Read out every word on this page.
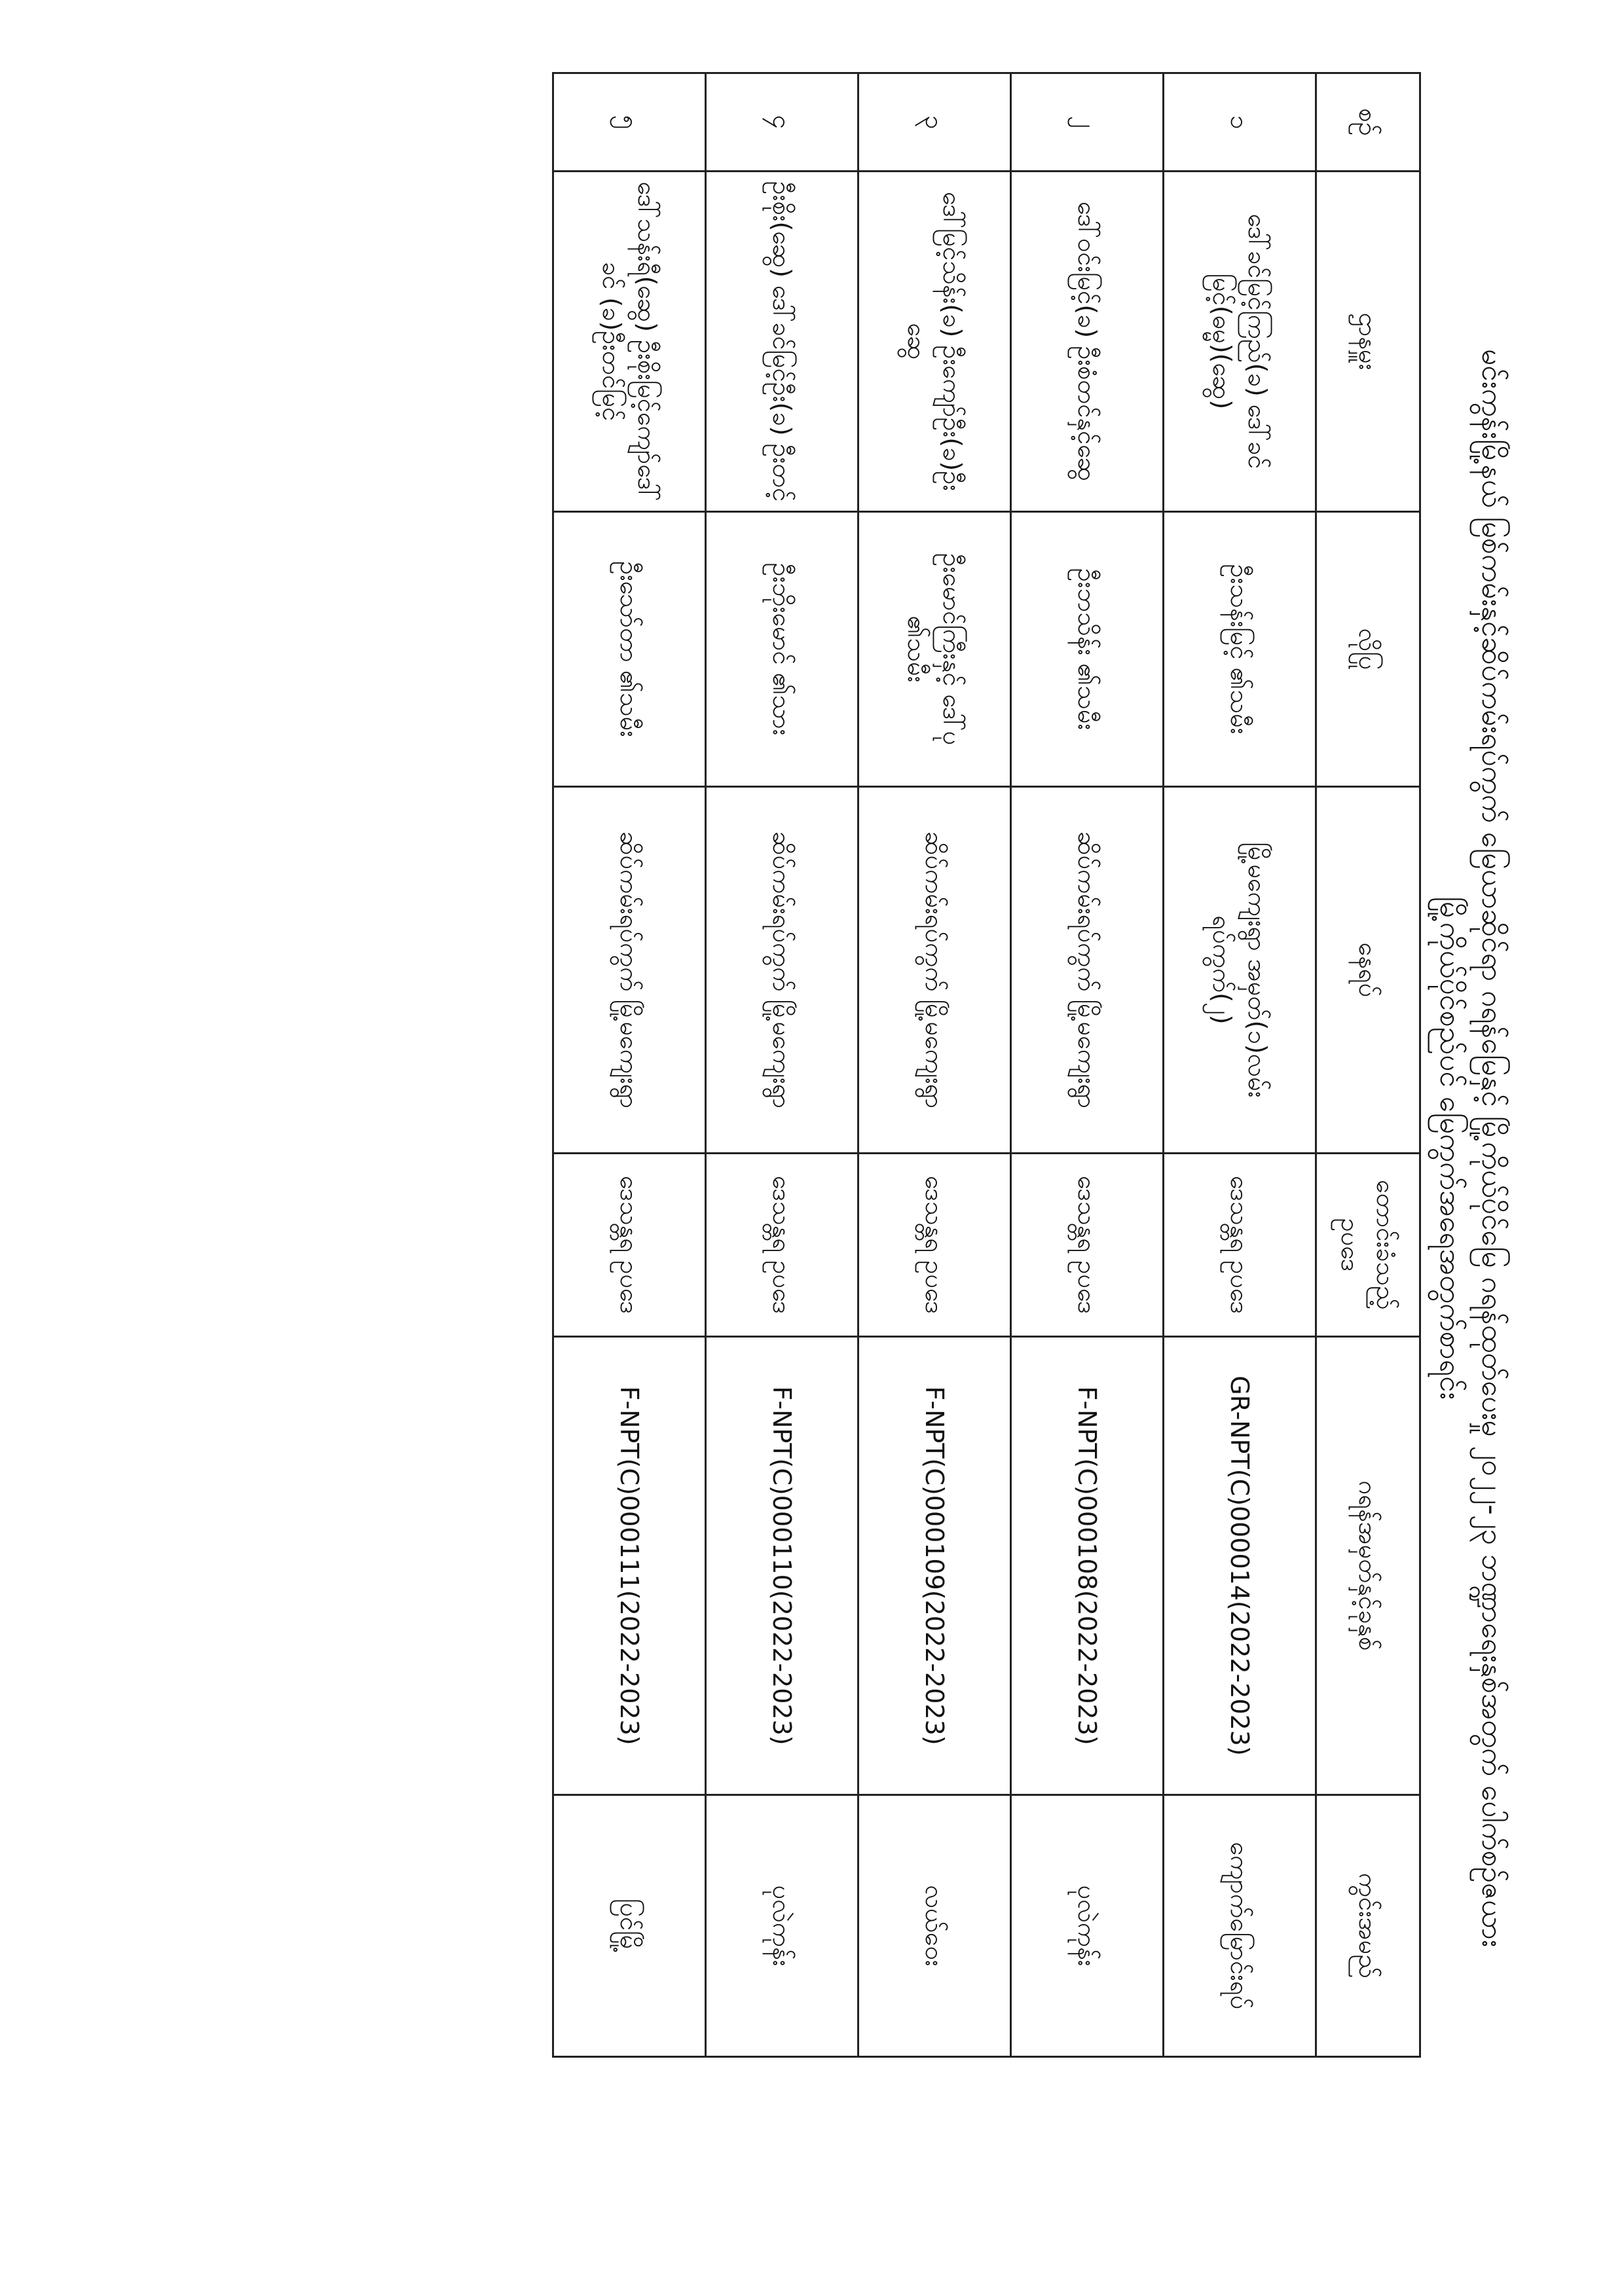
မင်းကွန်းမြို့နယ် မြစ်ကမ်းနှင့်ဆိပ်ကမ်းရပ်ကွက် မြေယာဆိုင်ရာ ဂရန်မြေနှင့် မြို့ကိုယ်ပိုင်မြေ ဂရန်ထုတ်ပေးမှု ၂၀၂၂-၂၃ ဘဏ္ဍာရေးနှစ်အတွက် ပေါက်စဉ်ဇယား
မြို့ကိုယ်ပိုင်စည်ပင် မြေကွက်အရေအတွက်စာရင်း
စဉ်	ဌာနမှူး	လိုပြု	နေရပ်	တောင်းခံသည့် ဥပဒေ	ဂရန်အမှတ်နှင့်ခုနှစ်	ကွင်းအမည်
၁	ဒေါ်ခင်မြင့်ကြည်(ခ) ဒေါ်ခင်မြင့်(ဓမ္မ)(ဆွေ)	ဦးသန်းမြင့် ၏သမီး	မြို့မကျေးရွာ အမှတ်(၁)လမ်း ရပ်ကွက်(၂)	ဒေသန္တရ ဥပဒေ	GR-NPT(C)000014(2022-2023)	ကျောက်မြောင်းရပ်
၂	ဒေါ်ဝင်းမြင့်(ခ) ဦးစံတင်နှင့်ဆွေ	ဦးဘသိန်း ၏သမီး	ဆိပ်ကမ်းရပ်ကွက် မြို့မကျေးရွာ	ဒေသန္တရ ဥပဒေ	F-NPT(C)000108(2022-2023)	ပုလဲကုန်း
၃	ဒေါ်မြင့်သိန်း(ခ) ဦးကျော်ဦး(ခ)ဦးဆွေ	ဦးမောင်ကြီးနှင့် ဒေါ်ပု ၏သမီး	ဆိပ်ကမ်းရပ်ကွက် မြို့မကျေးရွာ	ဒေသန္တရ ဥပဒေ	F-NPT(C)000109(2022-2023)	လယ်ဝေး
၄	ဦးစိုး(ဆွေ) ဒေါ်ခင်မြင့်ဦး(ခ) ဦးတင့်	ဦးဘိုးမောင် ၏သား	ဆိပ်ကမ်းရပ်ကွက် မြို့မကျေးရွာ	ဒေသန္တရ ဥပဒေ	F-NPT(C)000110(2022-2023)	ပုလဲကုန်း
၅	ဒေါ်သန်းရီ(ဆွေ) ဦးစိုးမြင့်ကျော်ဒေါ်ခင် (ခ)ဦးတင်မြင့်	ဦးသော်တာ ၏သမီး	ဆိပ်ကမ်းရပ်ကွက် မြို့မကျေးရွာ	ဒေသန္တရ ဥပဒေ	F-NPT(C)000111(2022-2023)	ပြင်မြို့
